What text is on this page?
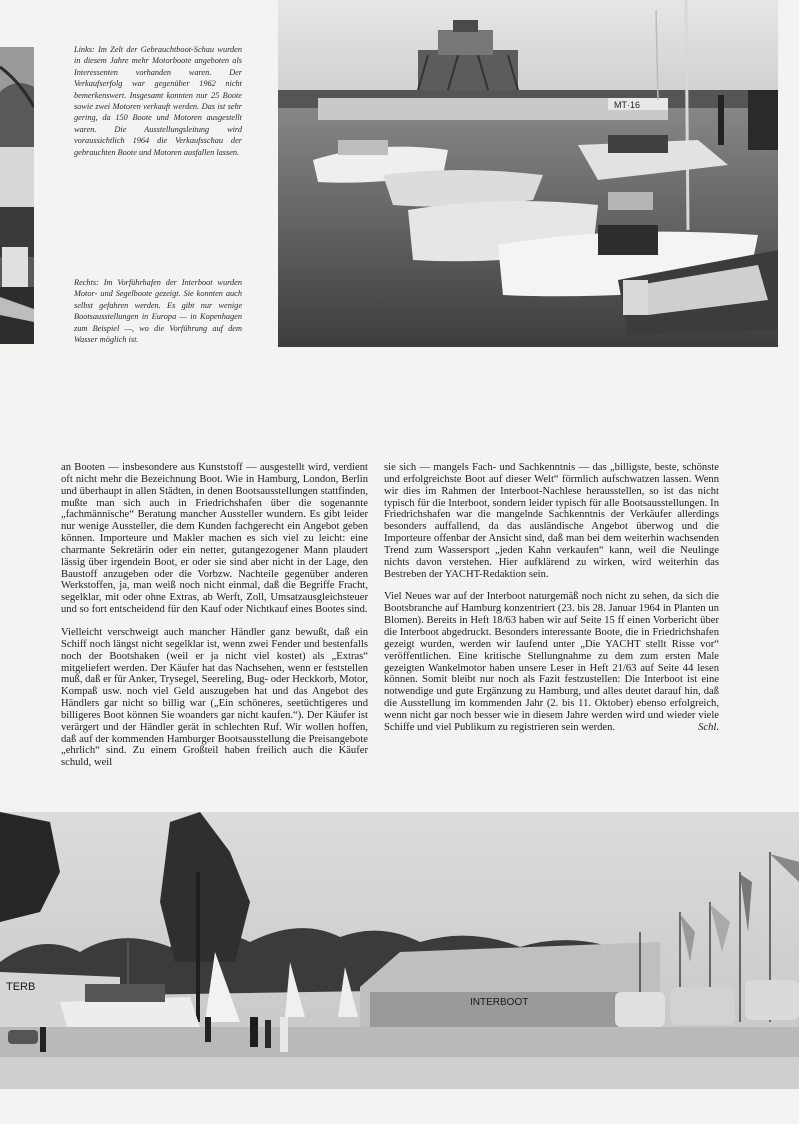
MT·16

Links: Im Zelt der Gebrauchtboot-Schau wurden in diesem Jahre mehr Motorboote angeboten als Interessenten vorhanden waren. Der Verkaufserfolg war gegenüber 1962 nicht bemerkenswert. Insgesamt konnten nur 25 Boote sowie zwei Motoren verkauft werden. Das ist sehr gering, da 150 Boote und Motoren ausgestellt waren. Die Ausstellungsleitung wird voraussichtlich 1964 die Verkaufsschau der gebrauchten Boote und Motoren ausfallen lassen.

Rechts: Im Vorführhafen der Interboot wurden Motor- und Segelboote gezeigt. Sie konnten auch selbst gefahren werden. Es gibt nur wenige Bootsausstellungen in Europa — in Kopenhagen zum Beispiel —, wo die Vorführung auf dem Wasser möglich ist.

an Booten — insbesondere aus Kunststoff — ausgestellt wird, verdient oft nicht mehr die Bezeichnung Boot. Wie in Hamburg, London, Berlin und überhaupt in allen Städten, in denen Bootsausstellungen stattfinden, mußte man sich auch in Friedrichshafen über die sogenannte „fachmännische“ Beratung mancher Aussteller wundern. Es gibt leider nur wenige Aussteller, die dem Kunden fachgerecht ein Angebot geben können. Importeure und Makler machen es sich viel zu leicht: eine charmante Sekretärin oder ein netter, gutangezogener Mann plaudert lässig über irgendein Boot, er oder sie sind aber nicht in der Lage, den Baustoff anzugeben oder die Vorbzw. Nachteile gegenüber anderen Werkstoffen, ja, man weiß noch nicht einmal, daß die Begriffe Fracht, segelklar, mit oder ohne Extras, ab Werft, Zoll, Umsatzausgleichsteuer und so fort entscheidend für den Kauf oder Nichtkauf eines Bootes sind.

Vielleicht verschweigt auch mancher Händler ganz bewußt, daß ein Schiff noch längst nicht segelklar ist, wenn zwei Fender und bestenfalls noch der Bootshaken (weil er ja nicht viel kostet) als „Extras“ mitgeliefert werden. Der Käufer hat das Nachsehen, wenn er feststellen muß, daß er für Anker, Trysegel, Seereling, Bug- oder Heckkorb, Motor, Kompaß usw. noch viel Geld auszugeben hat und das Angebot des Händlers gar nicht so billig war („Ein schöneres, seetüchtigeres und billigeres Boot können Sie woanders gar nicht kaufen.“). Der Käufer ist verärgert und der Händler gerät in schlechten Ruf. Wir wollen hoffen, daß auf der kommenden Hamburger Bootsausstellung die Preisangebote „ehrlich“ sind. Zu einem Großteil haben freilich auch die Käufer schuld, weil

sie sich — mangels Fach- und Sachkenntnis — das „billigste, beste, schönste und erfolgreichste Boot auf dieser Welt“ förmlich aufschwatzen lassen. Wenn wir dies im Rahmen der Interboot-Nachlese herausstellen, so ist das nicht typisch für die Interboot, sondern leider typisch für alle Bootsausstellungen. In Friedrichshafen war die mangelnde Sachkenntnis der Verkäufer allerdings besonders auffallend, da das ausländische Angebot überwog und die Importeure offenbar der Ansicht sind, daß man bei dem weiterhin wachsenden Trend zum Wassersport „jeden Kahn verkaufen“ kann, weil die Neulinge nichts davon verstehen. Hier aufklärend zu wirken, wird weiterhin das Bestreben der YACHT-Redaktion sein.

Viel Neues war auf der Interboot naturgemäß noch nicht zu sehen, da sich die Bootsbranche auf Hamburg konzentriert (23. bis 28. Januar 1964 in Planten un Blomen). Bereits in Heft 18/63 haben wir auf Seite 15 ff einen Vorbericht über die Interboot abgedruckt. Besonders interessante Boote, die in Friedrichshafen gezeigt wurden, werden wir laufend unter „Die YACHT stellt Risse vor“ veröffentlichen. Eine kritische Stellungnahme zu dem zum ersten Male gezeigten Wankelmotor haben unsere Leser in Heft 21/63 auf Seite 44 lesen können. Somit bleibt nur noch als Fazit festzustellen: Die Interboot ist eine notwendige und gute Ergänzung zu Hamburg, und alles deutet darauf hin, daß die Ausstellung im kommenden Jahr (2. bis 11. Oktober) ebenso erfolgreich, wenn nicht gar noch besser wie in diesem Jahre werden wird und wieder viele Schiffe und viel Publikum zu registrieren sein werden.	Schl.
INTERBOOT
TERB
